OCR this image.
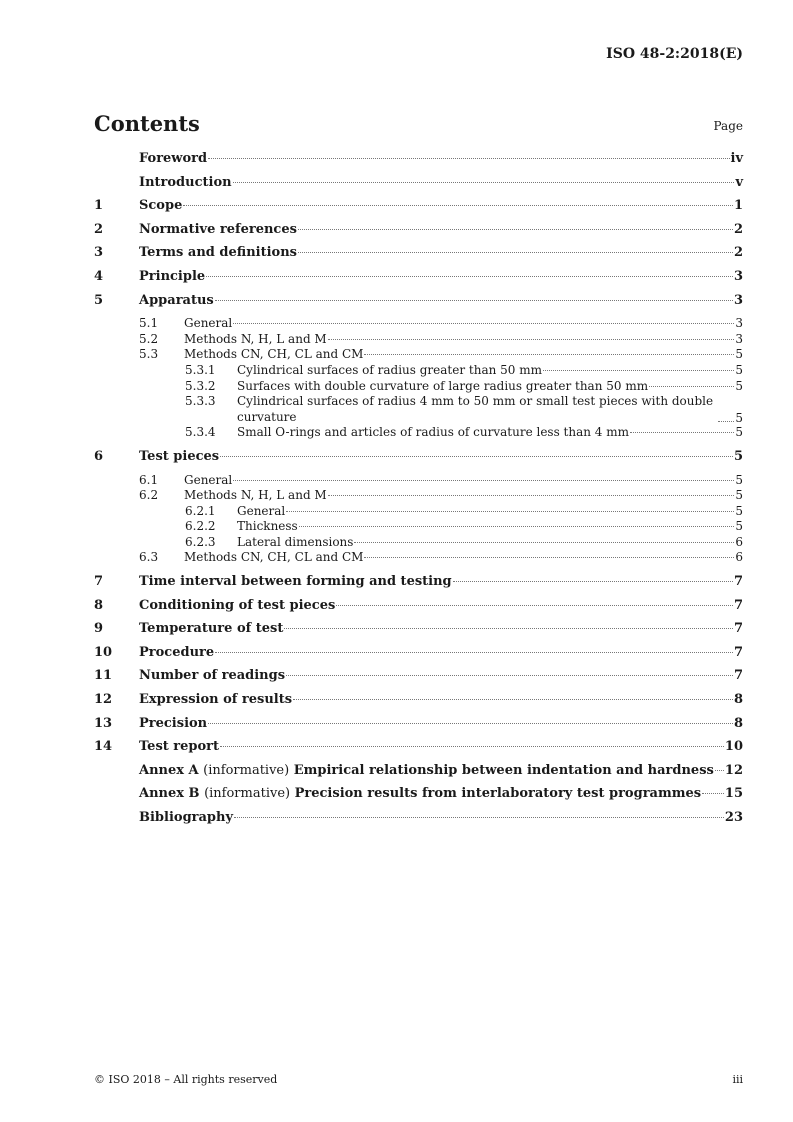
ISO 48-2:2018(E)
Contents	Page
Foreword	iv
Introduction	v
1	Scope	1
2	Normative references	2
3	Terms and definitions	2
4	Principle	3
5	Apparatus	3
5.1 General	3
5.2 Methods N, H, L and M	3
5.3 Methods CN, CH, CL and CM	5
5.3.1 Cylindrical surfaces of radius greater than 50 mm	5
5.3.2 Surfaces with double curvature of large radius greater than 50 mm	5
5.3.3 Cylindrical surfaces of radius 4 mm to 50 mm or small test pieces with double curvature	5
5.3.4 Small O-rings and articles of radius of curvature less than 4 mm	5
6	Test pieces	5
6.1 General	5
6.2 Methods N, H, L and M	5
6.2.1 General	5
6.2.2 Thickness	5
6.2.3 Lateral dimensions	6
6.3 Methods CN, CH, CL and CM	6
7	Time interval between forming and testing	7
8	Conditioning of test pieces	7
9	Temperature of test	7
10 Procedure	7
11 Number of readings	7
12 Expression of results	8
13 Precision	8
14 Test report	10
Annex A (informative) Empirical relationship between indentation and hardness 12
Annex B (informative) Precision results from interlaboratory test programmes 15
Bibliography	23
© ISO 2018 – All rights reserved	iii
